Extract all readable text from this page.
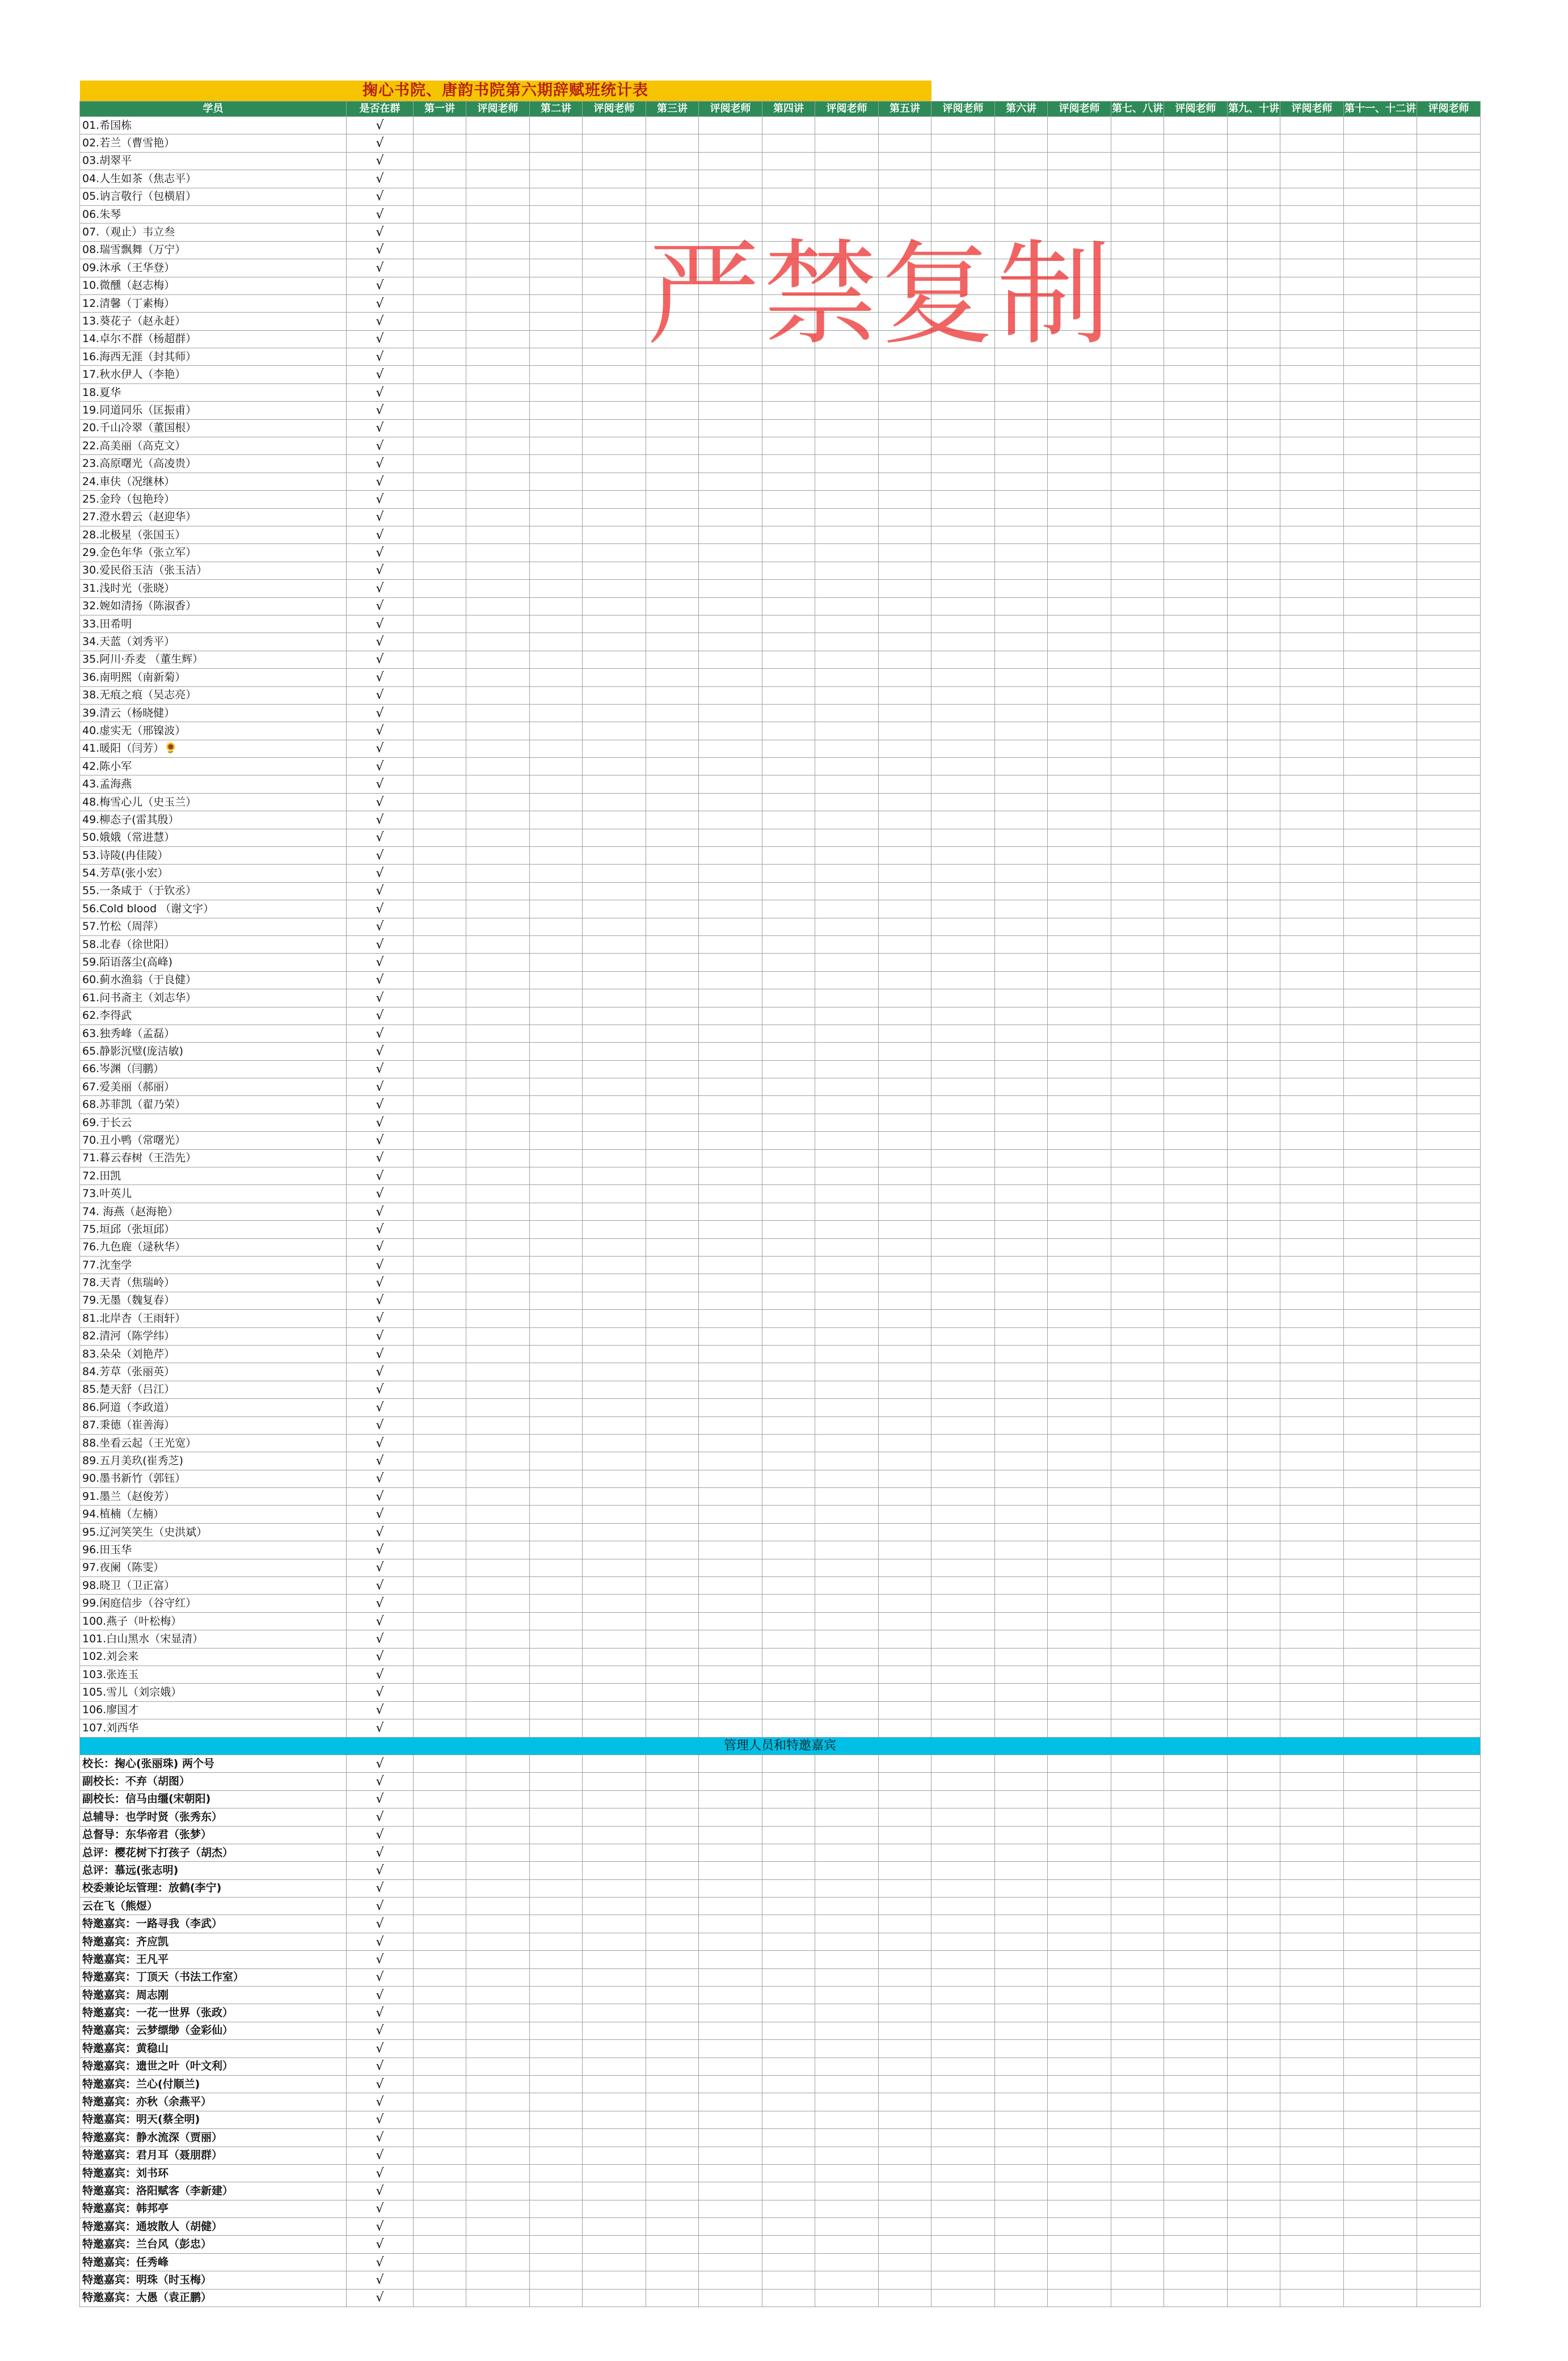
掬心书院、唐韵书院第六期辞赋班统计表																			
学员	是否在群	第一讲	评阅老师	第二讲	评阅老师	第三讲	评阅老师	第四讲	评阅老师	第五讲	评阅老师	第六讲	评阅老师	第七、八讲	评阅老师	第九、十讲	评阅老师	第十一、十二讲	评阅老师
01.希国栋	√																		
02.若兰（曹雪艳）	√																		
03.胡翠平	√																		
04.人生如茶（焦志平）	√																		
05.讷言敬行（包横眉）	√																		
06.朱琴	√																		
07.（观止）韦立叁	√																		
08.瑞雪飘舞（万宁）	√																		
09.沐承（王华登）	√																		
10.微醺（赵志梅）	√																		
12.清馨（丁素梅）	√																		
13.葵花子（赵永赶）	√																		
14.卓尔不群（杨超群）	√																		
16.海西无涯（封其师）	√																		
17.秋水伊人（李艳）	√																		
18.夏华	√																		
19.同道同乐（匡振甫）	√																		
20.千山冷翠（董国根）	√																		
22.高美丽（高克文）	√																		
23.高原曙光（高凌贵）	√																		
24.車伕（况继林）	√																		
25.金玲（包艳玲）	√																		
27.澄水碧云（赵迎华）	√																		
28.北极星（张国玉）	√																		
29.金色年华（张立军）	√																		
30.爱民俗玉洁（张玉洁）	√																		
31.浅时光（张晓）	√																		
32.婉如清扬（陈淑香）	√																		
33.田希明	√																		
34.天蓝（刘秀平）	√																		
35.阿川·乔麦 （董生辉）	√																		
36.南明熙（南新菊）	√																		
38.无痕之痕（吴志亮）	√																		
39.清云（杨晓健）	√																		
40.虚实无（邢镍波）	√																		
41.暖阳（闫芳）🌻	√																		
42.陈小军	√																		
43.孟海燕	√																		
48.梅雪心儿（史玉兰）	√																		
49.柳态子(雷其殷）	√																		
50.娥娥（常进慧）	√																		
53.诗陵(冉佳陵）	√																		
54.芳草(张小宏）	√																		
55.一条咸于（于钦丞）	√																		
56.Cold blood （谢文宇）	√																		
57.竹松（周萍）	√																		
58.北春（徐世阳）	√																		
59.陌语落尘(高峰)	√																		
60.蓟水渔翁（于良健）	√																		
61.问书斋主（刘志华）	√																		
62.李得武	√																		
63.独秀峰（孟磊）	√																		
65.静影沉璧(庞洁敏)	√																		
66.岑渊（闫鹏）	√																		
67.爱美丽（郝丽）	√																		
68.苏菲凯（翟乃荣）	√																		
69.于长云	√																		
70.丑小鸭（常曙光）	√																		
71.暮云春树（王浩先）	√																		
72.田凯	√																		
73.叶英儿	√																		
74. 海燕（赵海艳）	√																		
75.垣邱（张垣邱）	√																		
76.九色鹿（逯秋华）	√																		
77.沈奎学	√																		
78.天青（焦瑞岭）	√																		
79.无墨（魏复春）	√																		
81.北岸杏（王雨轩）	√																		
82.清河（陈学纬）	√																		
83.朵朵（刘艳芹）	√																		
84.芳草（张丽英）	√																		
85.楚天舒（吕江）	√																		
86.阿道（李政道）	√																		
87.秉德（崔善海）	√																		
88.坐看云起（王光宽）	√																		
89.五月美玖(崔秀芝)	√																		
90.墨书新竹（郭钰）	√																		
91.墨兰（赵俊芳）	√																		
94.植楠（左楠）	√																		
95.辽河笑笑生（史洪斌）	√																		
96.田玉华	√																		
97.夜阑（陈雯）	√																		
98.晓卫（卫正富）	√																		
99.闲庭信步（谷守红）	√																		
100.燕子（叶松梅）	√																		
101.白山黑水（宋显清）	√																		
102.刘会来	√																		
103.张连玉	√																		
105.雪儿（刘宗娥）	√																		
106.廖国才	√																		
107.刘西华	√																		
管理人员和特邀嘉宾																			
校长：掬心(张丽珠) 两个号	√																		
副校长：不弃（胡图）	√																		
副校长：信马由缰(宋朝阳)	√																		
总辅导：也学时贤（张秀东）	√																		
总督导：东华帝君（张梦）	√																		
总评：樱花树下打孩子（胡杰）	√																		
总评：慕远(张志明)	√																		
校委兼论坛管理：放鹤(李宁)	√																		
云在飞（熊煜）	√																		
特邀嘉宾：一路寻我（李武）	√																		
特邀嘉宾：齐应凯	√																		
特邀嘉宾：王凡平	√																		
特邀嘉宾：丁顶天（书法工作室）	√																		
特邀嘉宾：周志刚	√																		
特邀嘉宾：一花一世界（张政）	√																		
特邀嘉宾：云梦缥缈（金彩仙）	√																		
特邀嘉宾：黄稳山	√																		
特邀嘉宾：遗世之叶（叶文利）	√																		
特邀嘉宾：兰心(付顺兰)	√																		
特邀嘉宾：亦秋（余燕平）	√																		
特邀嘉宾：明天(蔡全明)	√																		
特邀嘉宾：静水流深（贾丽）	√																		
特邀嘉宾：君月耳（聂朋群）	√																		
特邀嘉宾：刘书环	√																		
特邀嘉宾：洛阳赋客（李新建）	√																		
特邀嘉宾：韩邦亭	√																		
特邀嘉宾：通坡散人（胡健）	√																		
特邀嘉宾：兰台风（彭忠）	√																		
特邀嘉宾：任秀峰	√																		
特邀嘉宾：明珠（时玉梅）	√																		
特邀嘉宾：大愚（袁正鹏）	√																		
严禁复制
